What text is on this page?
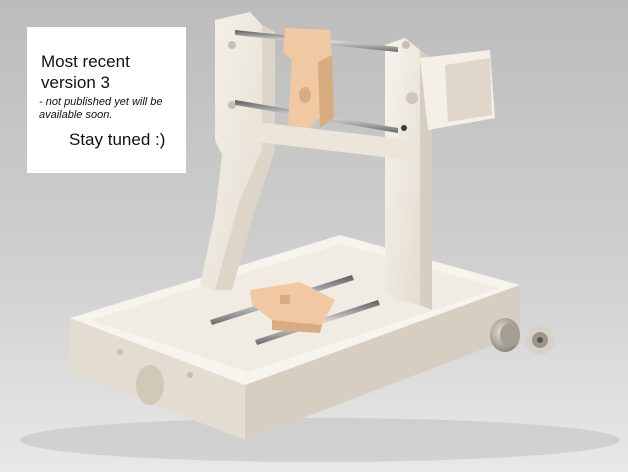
Most recent
version 3
- not published yet will be
available soon.
Stay tuned :)
